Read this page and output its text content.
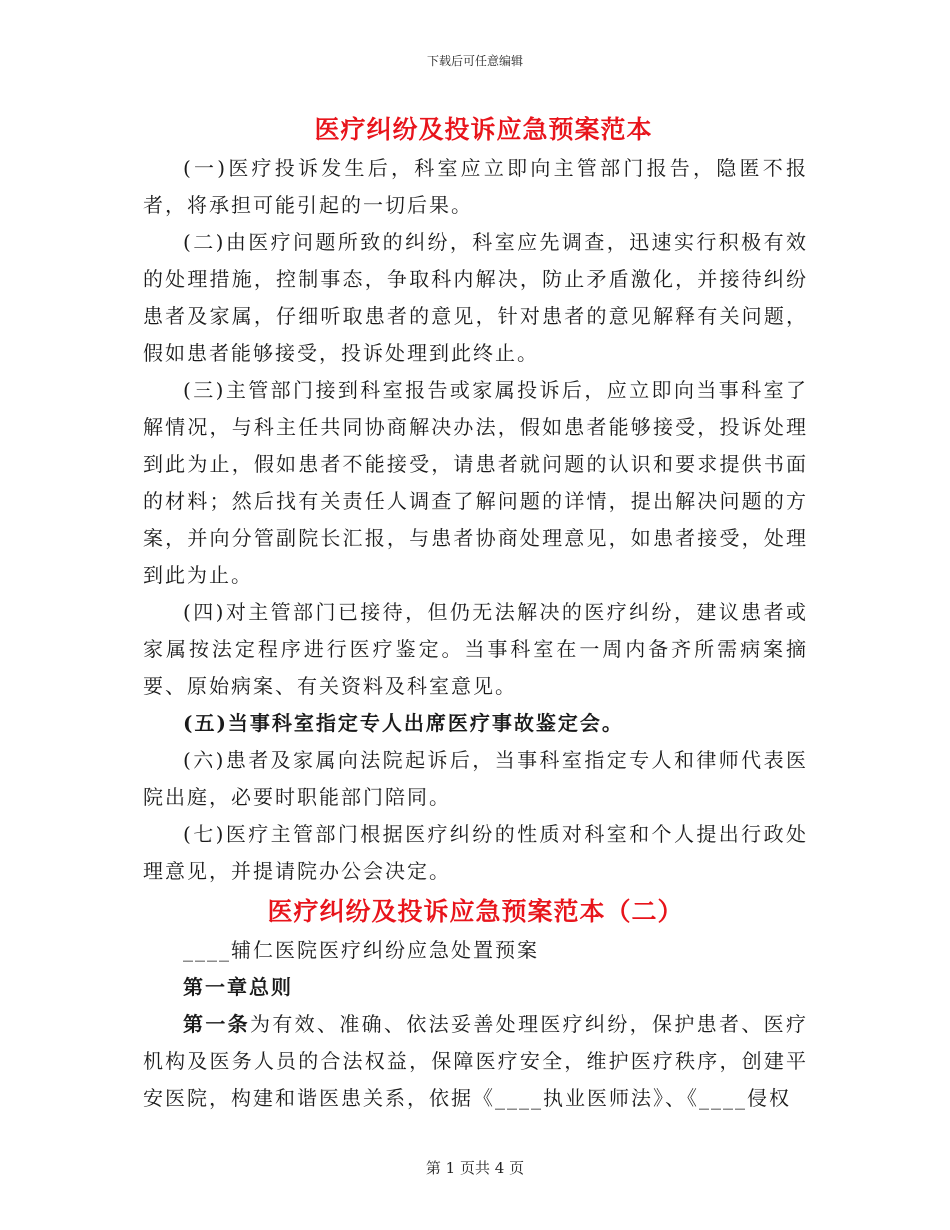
下载后可任意编辑
医疗纠纷及投诉应急预案范本

(一)医疗投诉发生后，科室应立即向主管部门报告，隐匿不报者，将承担可能引起的一切后果。

(二)由医疗问题所致的纠纷，科室应先调查，迅速实行积极有效的处理措施，控制事态，争取科内解决，防止矛盾激化，并接待纠纷患者及家属，仔细听取患者的意见，针对患者的意见解释有关问题，假如患者能够接受，投诉处理到此终止。

(三)主管部门接到科室报告或家属投诉后，应立即向当事科室了解情况，与科主任共同协商解决办法，假如患者能够接受，投诉处理到此为止，假如患者不能接受，请患者就问题的认识和要求提供书面的材料；然后找有关责任人调查了解问题的详情，提出解决问题的方案，并向分管副院长汇报，与患者协商处理意见，如患者接受，处理到此为止。

(四)对主管部门已接待，但仍无法解决的医疗纠纷，建议患者或家属按法定程序进行医疗鉴定。当事科室在一周内备齐所需病案摘要、原始病案、有关资料及科室意见。

(五)当事科室指定专人出席医疗事故鉴定会。

(六)患者及家属向法院起诉后，当事科室指定专人和律师代表医院出庭，必要时职能部门陪同。

(七)医疗主管部门根据医疗纠纷的性质对科室和个人提出行政处理意见，并提请院办公会决定。

医疗纠纷及投诉应急预案范本（二）

____辅仁医院医疗纠纷应急处置预案

第一章总则

第一条为有效、准确、依法妥善处理医疗纠纷，保护患者、医疗机构及医务人员的合法权益，保障医疗安全，维护医疗秩序，创建平安医院，构建和谐医患关系，依据《____执业医师法》、《____侵权

第 1 页共 4 页
